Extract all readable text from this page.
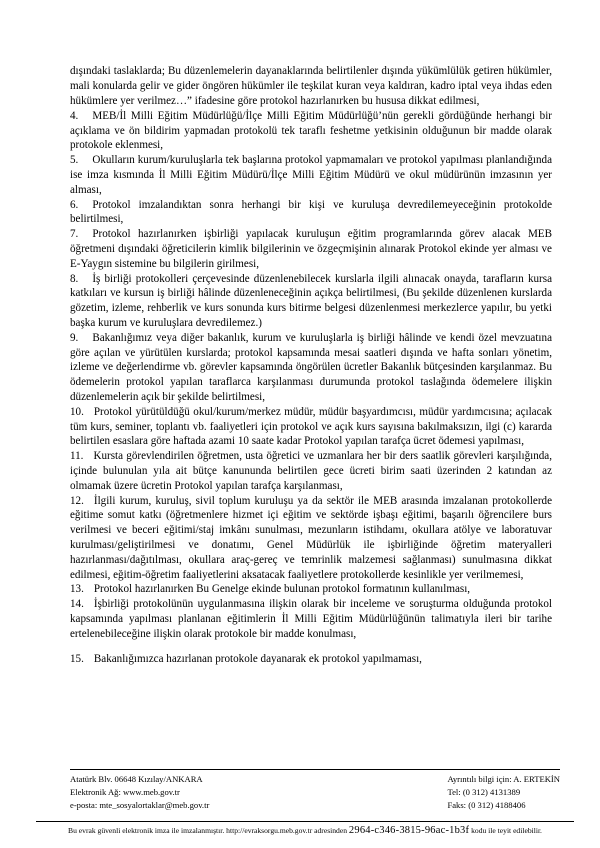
dışındaki taslaklarda; Bu düzenlemelerin dayanaklarında belirtilenler dışında yükümlülük getiren hükümler, mali konularda gelir ve gider öngören hükümler ile teşkilat kuran veya kaldıran, kadro iptal veya ihdas eden hükümlere yer verilmez…” ifadesine göre protokol hazırlanırken bu hususa dikkat edilmesi,

4. MEB/İl Milli Eğitim Müdürlüğü/İlçe Milli Eğitim Müdürlüğü’nün gerekli gördüğünde herhangi bir açıklama ve ön bildirim yapmadan protokolü tek taraflı feshetme yetkisinin olduğunun bir madde olarak protokole eklenmesi,

5. Okulların kurum/kuruluşlarla tek başlarına protokol yapmamaları ve protokol yapılması planlandığında ise imza kısmında İl Milli Eğitim Müdürü/İlçe Milli Eğitim Müdürü ve okul müdürünün imzasının yer alması,

6. Protokol imzalandıktan sonra herhangi bir kişi ve kuruluşa devredilemeyeceğinin protokolde belirtilmesi,

7. Protokol hazırlanırken işbirliği yapılacak kuruluşun eğitim programlarında görev alacak MEB öğretmeni dışındaki öğreticilerin kimlik bilgilerinin ve özgeçmişinin alınarak Protokol ekinde yer alması ve E-Yaygın sistemine bu bilgilerin girilmesi,

8. İş birliği protokolleri çerçevesinde düzenlenebilecek kurslarla ilgili alınacak onayda, tarafların kursa katkıları ve kursun iş birliği hâlinde düzenleneceğinin açıkça belirtilmesi, (Bu şekilde düzenlenen kurslarda gözetim, izleme, rehberlik ve kurs sonunda kurs bitirme belgesi düzenlenmesi merkezlerce yapılır, bu yetki başka kurum ve kuruluşlara devredilemez.)

9. Bakanlığımız veya diğer bakanlık, kurum ve kuruluşlarla iş birliği hâlinde ve kendi özel mevzuatına göre açılan ve yürütülen kurslarda; protokol kapsamında mesai saatleri dışında ve hafta sonları yönetim, izleme ve değerlendirme vb. görevler kapsamında öngörülen ücretler Bakanlık bütçesinden karşılanmaz. Bu ödemelerin protokol yapılan taraflarca karşılanması durumunda protokol taslağında ödemelere ilişkin düzenlemelerin açık bir şekilde belirtilmesi,

10. Protokol yürütüldüğü okul/kurum/merkez müdür, müdür başyardımcısı, müdür yardımcısına; açılacak tüm kurs, seminer, toplantı vb. faaliyetleri için protokol ve açık kurs sayısına bakılmaksızın, ilgi (c) kararda belirtilen esaslara göre haftada azami 10 saate kadar Protokol yapılan tarafça ücret ödemesi yapılması,

11. Kursta görevlendirilen öğretmen, usta öğretici ve uzmanlara her bir ders saatlik görevleri karşılığında, içinde bulunulan yıla ait bütçe kanununda belirtilen gece ücreti birim saati üzerinden 2 katından az olmamak üzere ücretin Protokol yapılan tarafça karşılanması,

12. İlgili kurum, kuruluş, sivil toplum kuruluşu ya da sektör ile MEB arasında imzalanan protokollerde eğitime somut katkı (öğretmenlere hizmet içi eğitim ve sektörde işbaşı eğitimi, başarılı öğrencilere burs verilmesi ve beceri eğitimi/staj imkânı sunulması, mezunların istihdamı, okullara atölye ve laboratuvar kurulması/geliştirilmesi ve donatımı, Genel Müdürlük ile işbirliğinde öğretim materyalleri hazırlanması/dağıtılması, okullara araç-gereç ve temrinlik malzemesi sağlanması) sunulmasına dikkat edilmesi, eğitim-öğretim faaliyetlerini aksatacak faaliyetlere protokollerde kesinlikle yer verilmemesi,

13. Protokol hazırlanırken Bu Genelge ekinde bulunan protokol formatının kullanılması,

14. İşbirliği protokolünün uygulanmasına ilişkin olarak bir inceleme ve soruşturma olduğunda protokol kapsamında yapılması planlanan eğitimlerin İl Milli Eğitim Müdürlüğünün talimatıyla ileri bir tarihe ertelenebileceğine ilişkin olarak protokole bir madde konulması,

15. Bakanlığımızca hazırlanan protokole dayanarak ek protokol yapılmaması,

Atatürk Blv. 06648 Kızılay/ANKARA
Elektronik Ağ: www.meb.gov.tr
e-posta: mte_sosyalortaklar@meb.gov.tr
Ayrıntılı bilgi için: A. ERTEKİN
Tel: (0 312) 4131389
Faks: (0 312) 4188406
Bu evrak güvenli elektronik imza ile imzalanmıştır. http://evraksorgu.meb.gov.tr adresinden 2964-c346-3815-96ac-1b3f kodu ile teyit edilebilir.
